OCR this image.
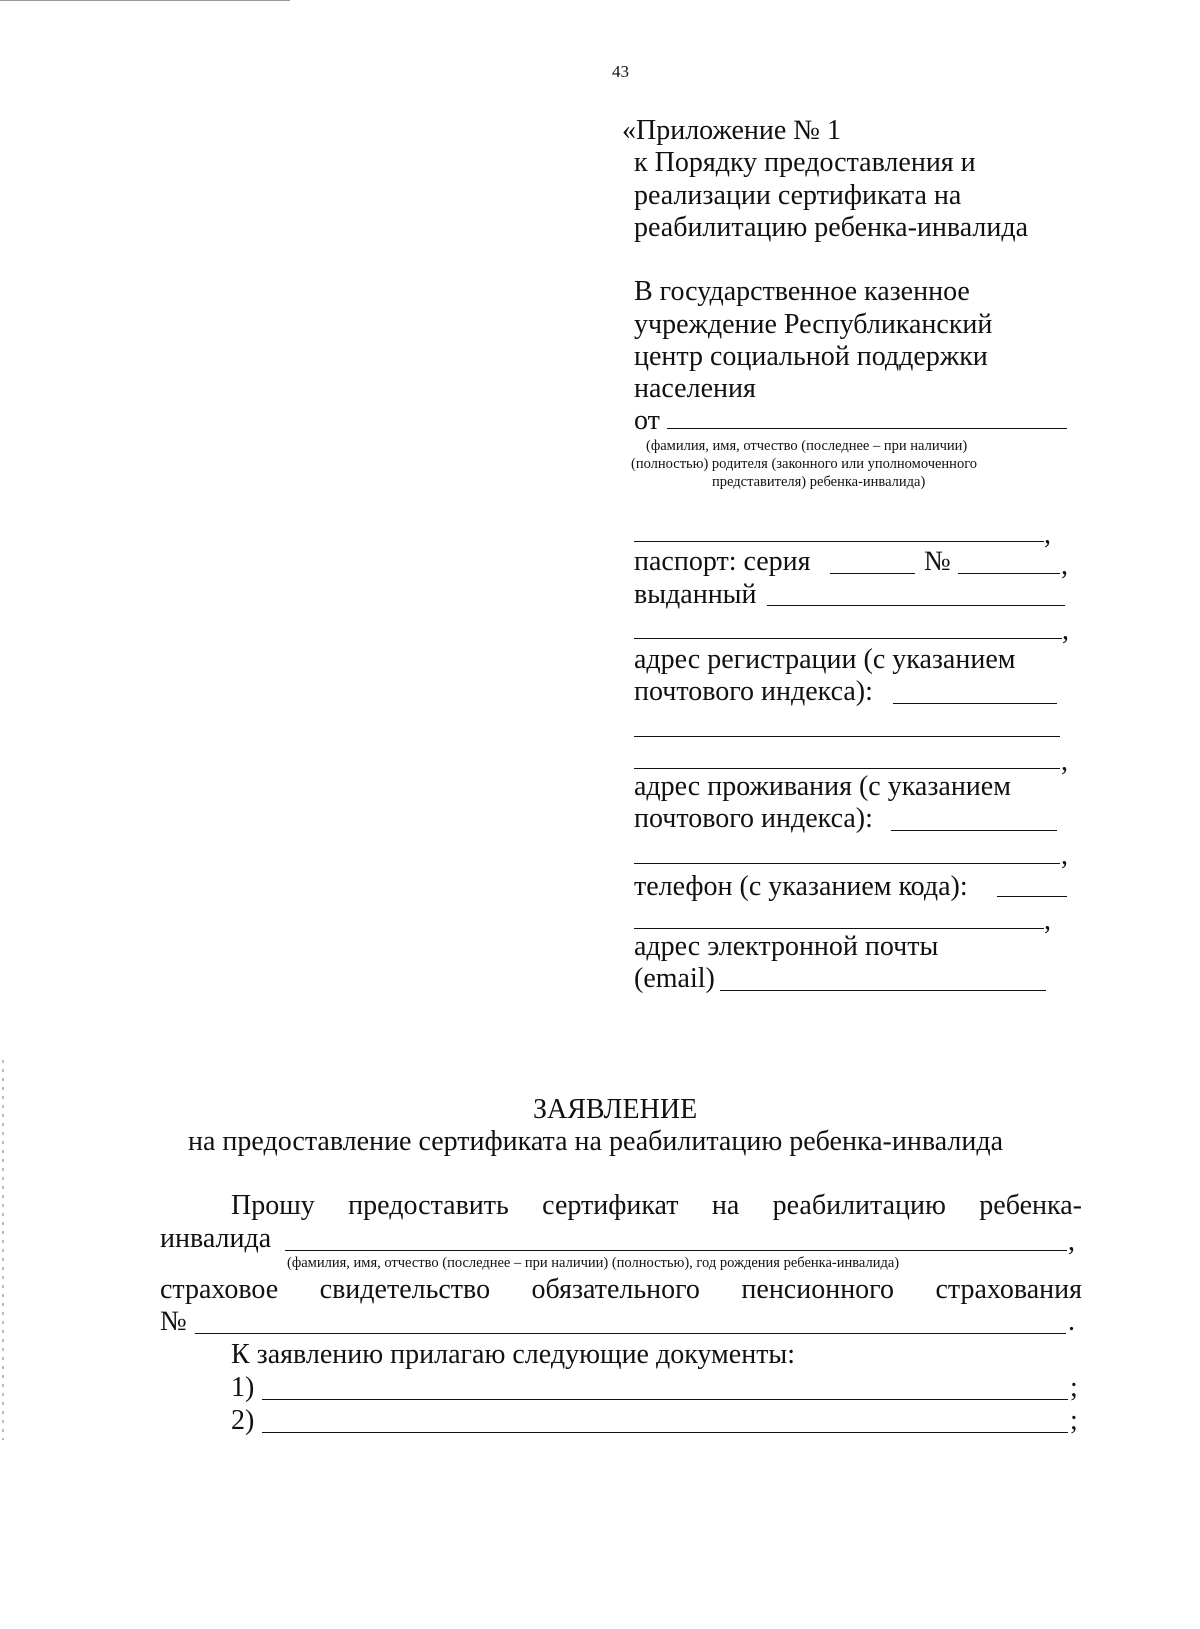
43
«Приложение № 1
к Порядку предоставления и
реализации сертификата на
реабилитацию ребенка-инвалида
В государственное казенное
учреждение Республиканский
центр социальной поддержки
населения
от
(фамилия, имя, отчество (последнее – при наличии)
(полностью) родителя (законного или уполномоченного
представителя) ребенка-инвалида)
,
паспорт: серия	№	,
выданный
,
адрес регистрации (с указанием
почтового индекса):
,
адрес проживания (с указанием
почтового индекса):
,
телефон (с указанием кода):
,
адрес электронной почты
(email)
ЗАЯВЛЕНИЕ
на предоставление сертификата на реабилитацию ребенка-инвалида
Прошу предоставить сертификат на реабилитацию ребенка-
инвалида	,
(фамилия, имя, отчество (последнее – при наличии) (полностью), год рождения ребенка-инвалида)
страховое свидетельство обязательного пенсионного страхования
№	.
К заявлению прилагаю следующие документы:
1)	;
2)	;
